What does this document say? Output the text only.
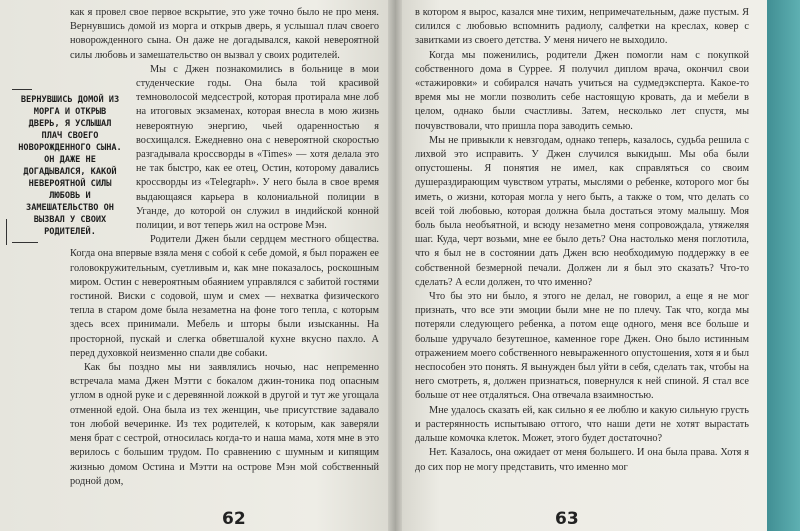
как я провел свое первое вскрытие, это уже точно было не про меня. Вернувшись домой из морга и открыв дверь, я услышал плач своего новорожденного сына. Он даже не догадывался, какой невероятной силы любовь и замешательство он вызвал у своих родителей.

ВЕРНУВШИСЬ ДОМОЙ ИЗ МОРГА И ОТКРЫВ ДВЕРЬ, Я УСЛЫШАЛ ПЛАЧ СВОЕГО НОВОРОЖДЕННОГО СЫНА. ОН ДАЖЕ НЕ ДОГАДЫВАЛСЯ, КАКОЙ НЕВЕРОЯТНОЙ СИЛЫ ЛЮБОВЬ И ЗАМЕШАТЕЛЬСТВО ОН ВЫЗВАЛ У СВОИХ РОДИТЕЛЕЙ.

Мы с Джен познакомились в больнице в мои студенческие годы. Она была той красивой темноволосой медсестрой, которая протирала мне лоб на итоговых экзаменах, которая внесла в мою жизнь невероятную энергию, чьей одаренностью я восхищался. Ежедневно она с невероятной скоростью разгадывала кроссворды в «Times» — хотя делала это не так быстро, как ее отец, Остин, которому давались кроссворды из «Telegraph». У него была в свое время выдающаяся карьера в колониальной полиции в Уганде, до которой он служил в индийской конной полиции, и вот теперь жил на острове Мэн.

Родители Джен были сердцем местного общества. Когда она впервые взяла меня с собой к себе домой, я был поражен ее головокружительным, суетливым и, как мне показалось, роскошным миром. Остин с невероятным обаянием управлялся с забитой гостями гостиной. Виски с содовой, шум и смех — нехватка физического тепла в старом доме была незаметна на фоне того тепла, с которым здесь всех принимали. Мебель и шторы были изысканны. На просторной, пускай и слегка обветшалой кухне вкусно пахло. А перед духовкой неизменно спали две собаки.

Как бы поздно мы ни заявлялись ночью, нас непременно встречала мама Джен Мэтти с бокалом джин-тоника под опасным углом в одной руке и с деревянной ложкой в другой и тут же угощала отменной едой. Она была из тех женщин, чье присутствие задавало тон любой вечеринке. Из тех родителей, к которым, как заверяли меня брат с сестрой, относилась когда-то и наша мама, хотя мне в это верилось с большим трудом. По сравнению с шумным и кипящим жизнью домом Остина и Мэтти на острове Мэн мой собственный родной дом,

62

в котором я вырос, казался мне тихим, непримечательным, даже пустым. Я силился с любовью вспомнить радиолу, салфетки на креслах, ковер с завитками из своего детства. У меня ничего не выходило.

Когда мы поженились, родители Джен помогли нам с покупкой собственного дома в Суррее. Я получил диплом врача, окончил свои «стажировки» и собирался начать учиться на судмедэксперта. Какое-то время мы не могли позволить себе настоящую кровать, да и мебели в целом, однако были счастливы. Затем, несколько лет спустя, мы почувствовали, что пришла пора заводить семью.

Мы не привыкли к невзгодам, однако теперь, казалось, судьба решила с лихвой это исправить. У Джен случился выкидыш. Мы оба были опустошены. Я понятия не имел, как справляться со своим душераздирающим чувством утраты, мыслями о ребенке, которого мог бы иметь, о жизни, которая могла у него быть, а также о том, что делать со всей той любовью, которая должна была достаться этому малышу. Моя боль была необъятной, и всюду незаметно меня сопровождала, утяжеляя шаг. Куда, черт возьми, мне ее было деть? Она настолько меня поглотила, что я был не в состоянии дать Джен всю необходимую поддержку в ее собственной безмерной печали. Должен ли я был это сказать? Что-то сделать? А если должен, то что именно?

Что бы это ни было, я этого не делал, не говорил, а еще я не мог признать, что все эти эмоции были мне не по плечу. Так что, когда мы потеряли следующего ребенка, а потом еще одного, меня все больше и больше удручало безутешное, каменное горе Джен. Оно было истинным отражением моего собственного невыраженного опустошения, хотя я и был неспособен это понять. Я вынужден был уйти в себя, сделать так, чтобы на него смотреть, я, должен признаться, повернулся к ней спиной. Я стал все больше от нее отдаляться. Она отвечала взаимностью.

Мне удалось сказать ей, как сильно я ее люблю и какую сильную грусть и растерянность испытываю оттого, что наши дети не хотят вырастать дальше комочка клеток. Может, этого будет достаточно?

Нет. Казалось, она ожидает от меня большего. И она была права. Хотя я до сих пор не могу представить, что именно мог

63
